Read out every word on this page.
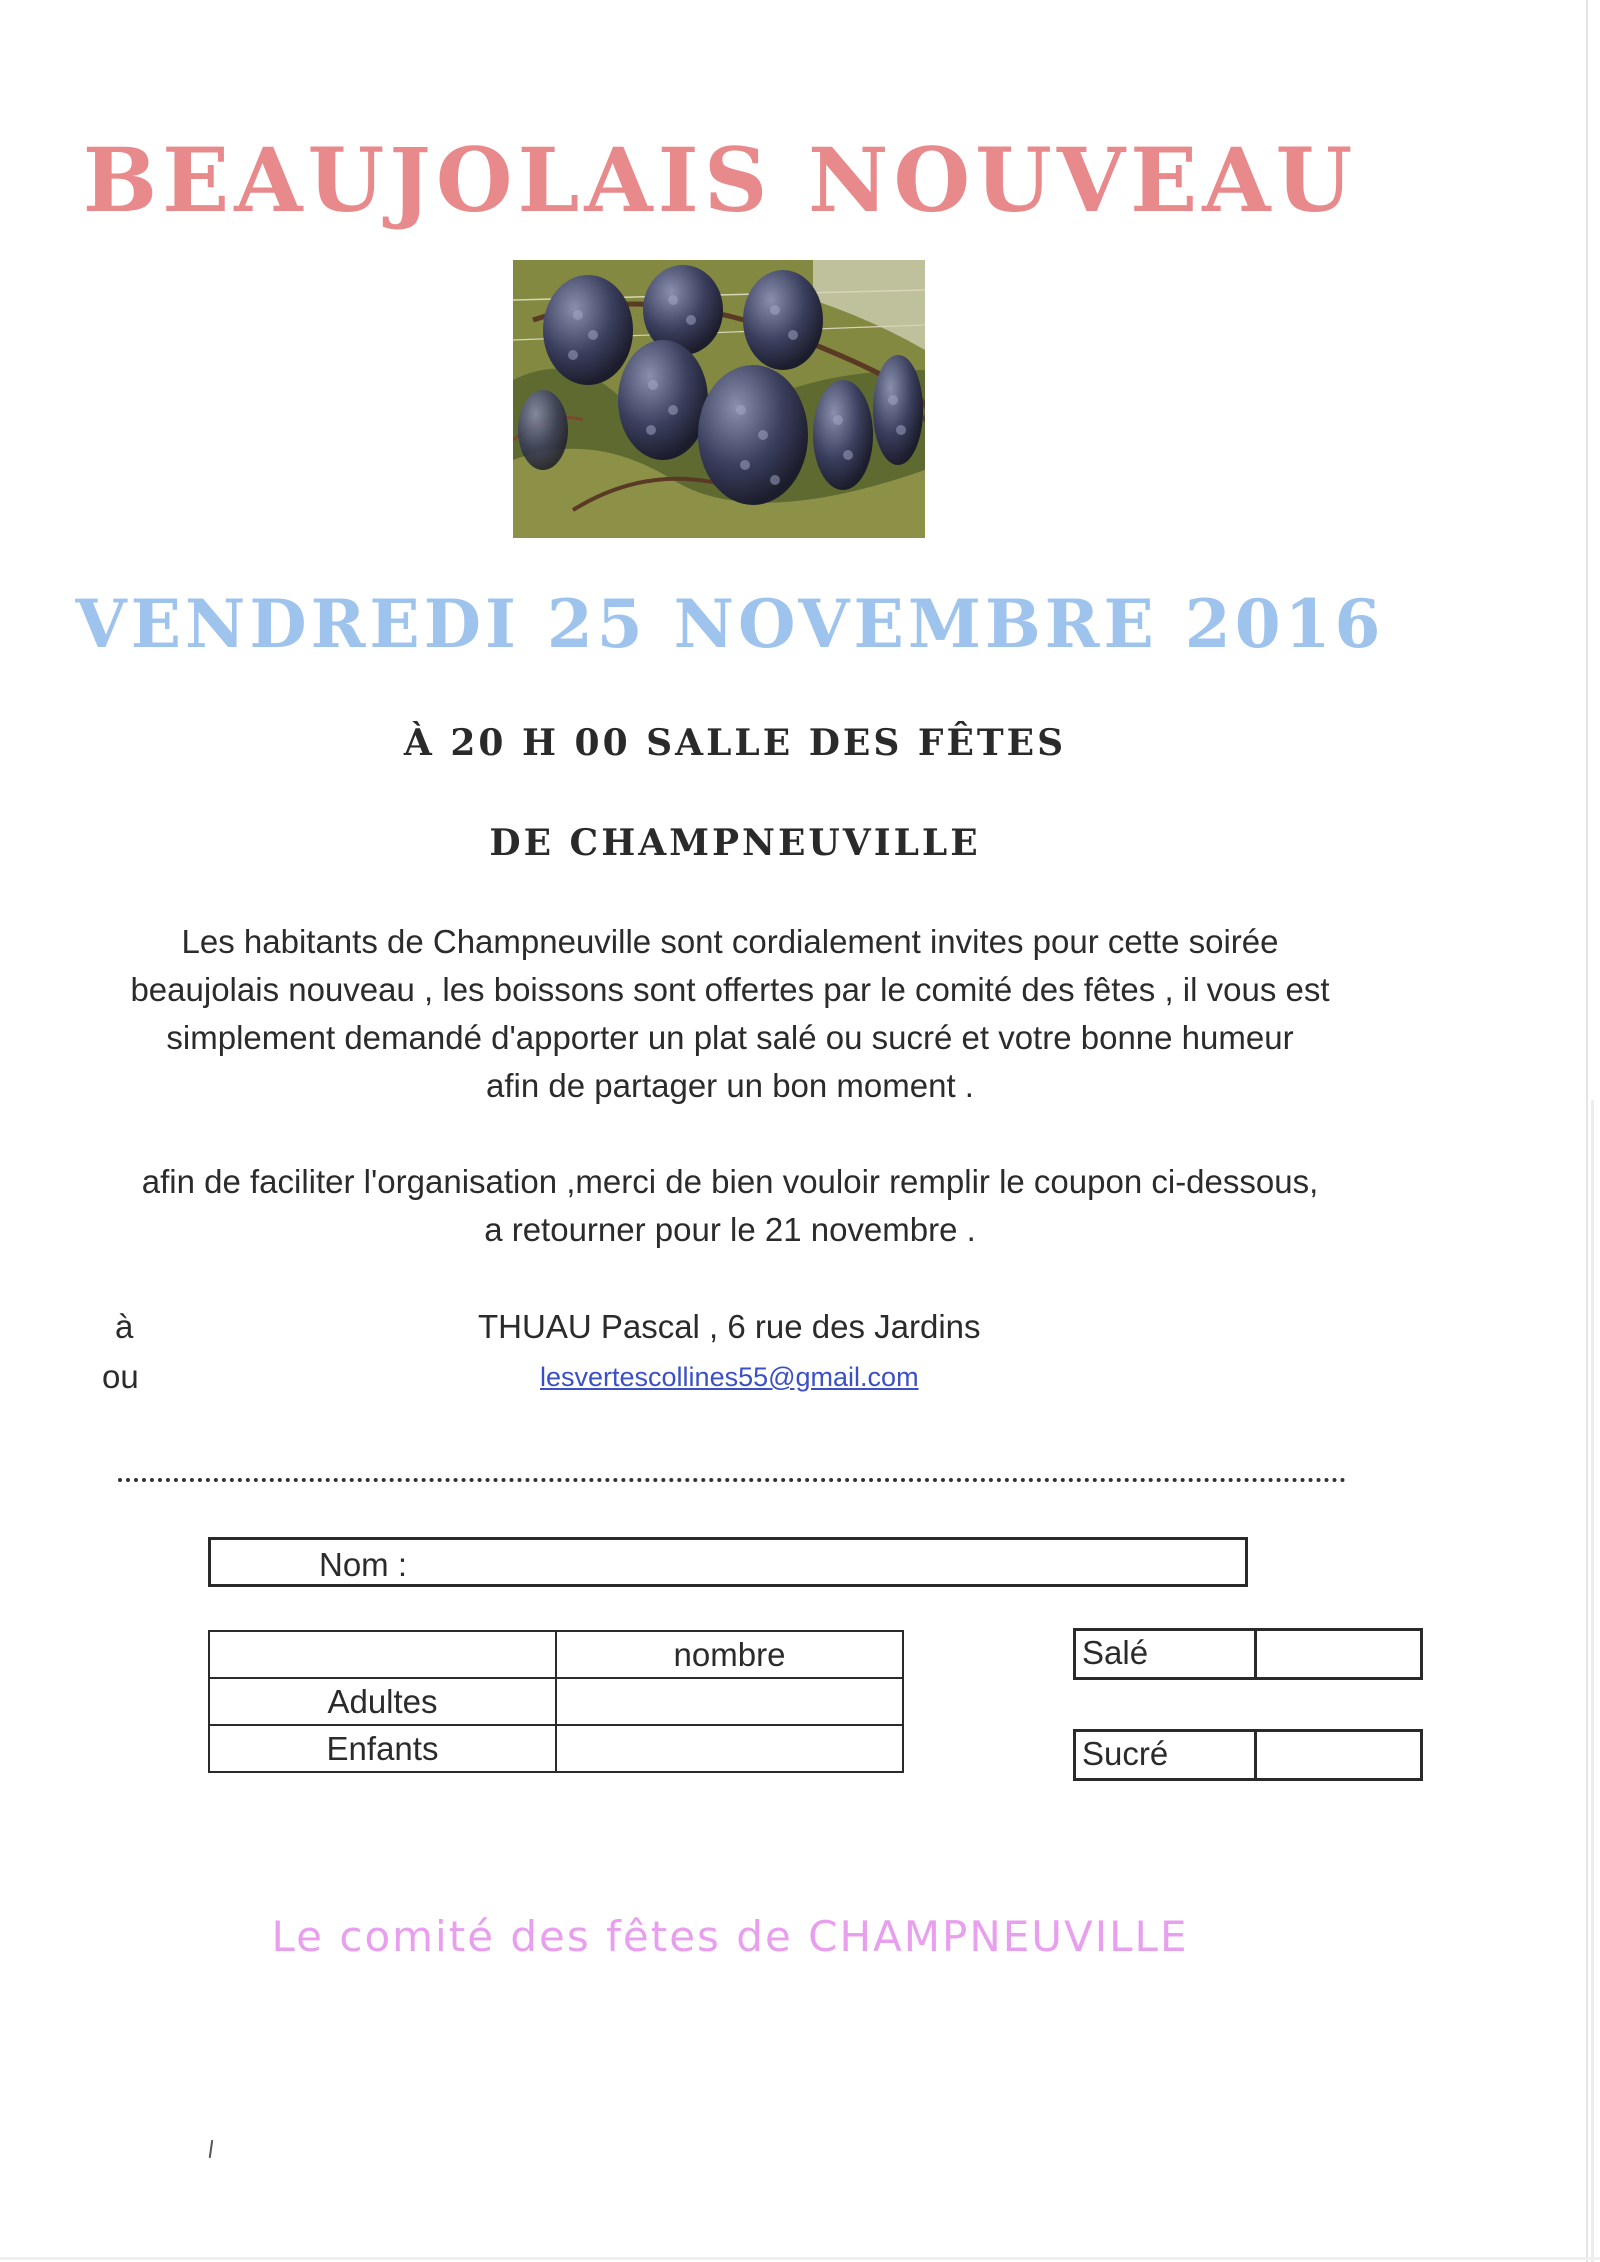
BEAUJOLAIS NOUVEAU
VENDREDI 25 NOVEMBRE 2016
À 20 H 00 SALLE DES FÊTES
DE CHAMPNEUVILLE
Les habitants de Champneuville sont cordialement invites pour cette soirée
beaujolais nouveau , les boissons sont offertes par le comité des fêtes , il vous est
simplement demandé d'apporter un plat salé ou sucré et votre bonne humeur
afin de partager un bon moment .
afin de faciliter l'organisation ,merci de bien vouloir remplir le coupon ci-dessous,
a retourner pour le 21 novembre .
à	THUAU Pascal , 6 rue des Jardins
ou	lesvertescollines55@gmail.com
Nom :
	nombre
Adultes	
Enfants	
Salé
Sucré
Le comité des fêtes de CHAMPNEUVILLE
